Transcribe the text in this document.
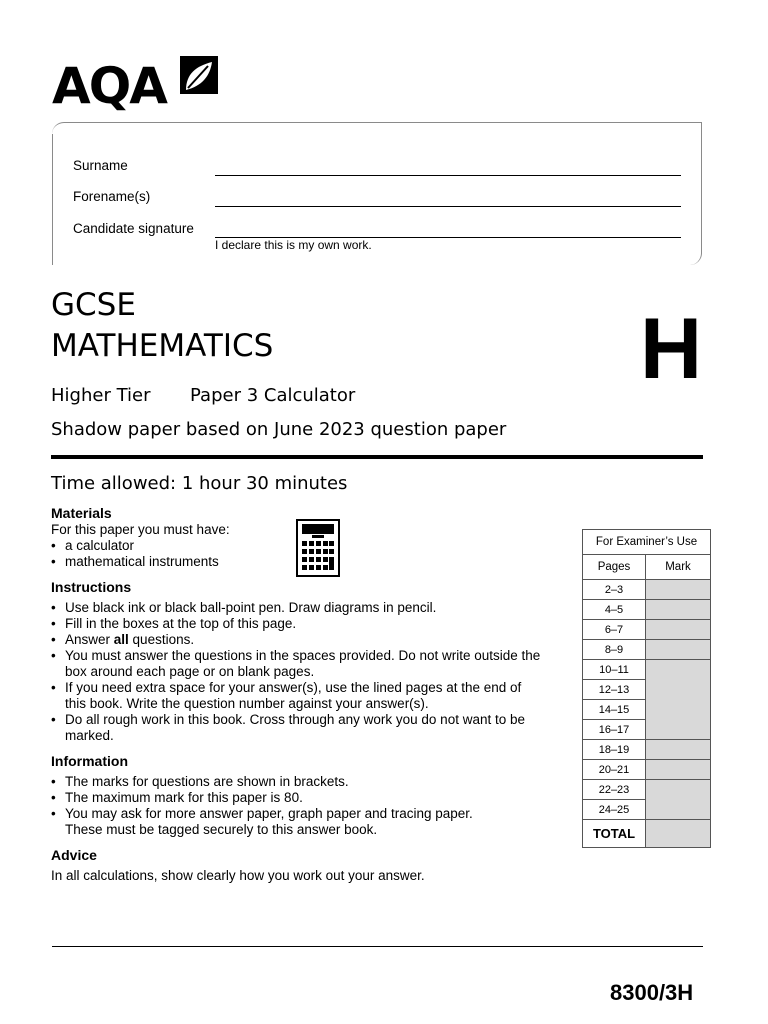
AQA
Surname
Forename(s)
Candidate signature
I declare this is my own work.
GCSE
MATHEMATICS	H
Higher Tier Paper 3 Calculator
Shadow paper based on June 2023 question paper
Time allowed: 1 hour 30 minutes
Materials
For this paper you must have:
• a calculator
• mathematical instruments
Instructions
• Use black ink or black ball-point pen. Draw diagrams in pencil.
• Fill in the boxes at the top of this page.
• Answer all questions.
• You must answer the questions in the spaces provided. Do not write outside the box around each page or on blank pages.
• If you need extra space for your answer(s), use the lined pages at the end of this book. Write the question number against your answer(s).
• Do all rough work in this book. Cross through any work you do not want to be marked.
Information
• The marks for questions are shown in brackets.
• The maximum mark for this paper is 80.
• You may ask for more answer paper, graph paper and tracing paper. These must be tagged securely to this answer book.
Advice
In all calculations, show clearly how you work out your answer.
For Examiner’s Use	
Pages	Mark
2–3	
4–5	
6–7	
8–9	
10–11	
12–13	
14–15	
16–17	
18–19	
20–21	
22–23	
24–25	
TOTAL	
8300/3H
